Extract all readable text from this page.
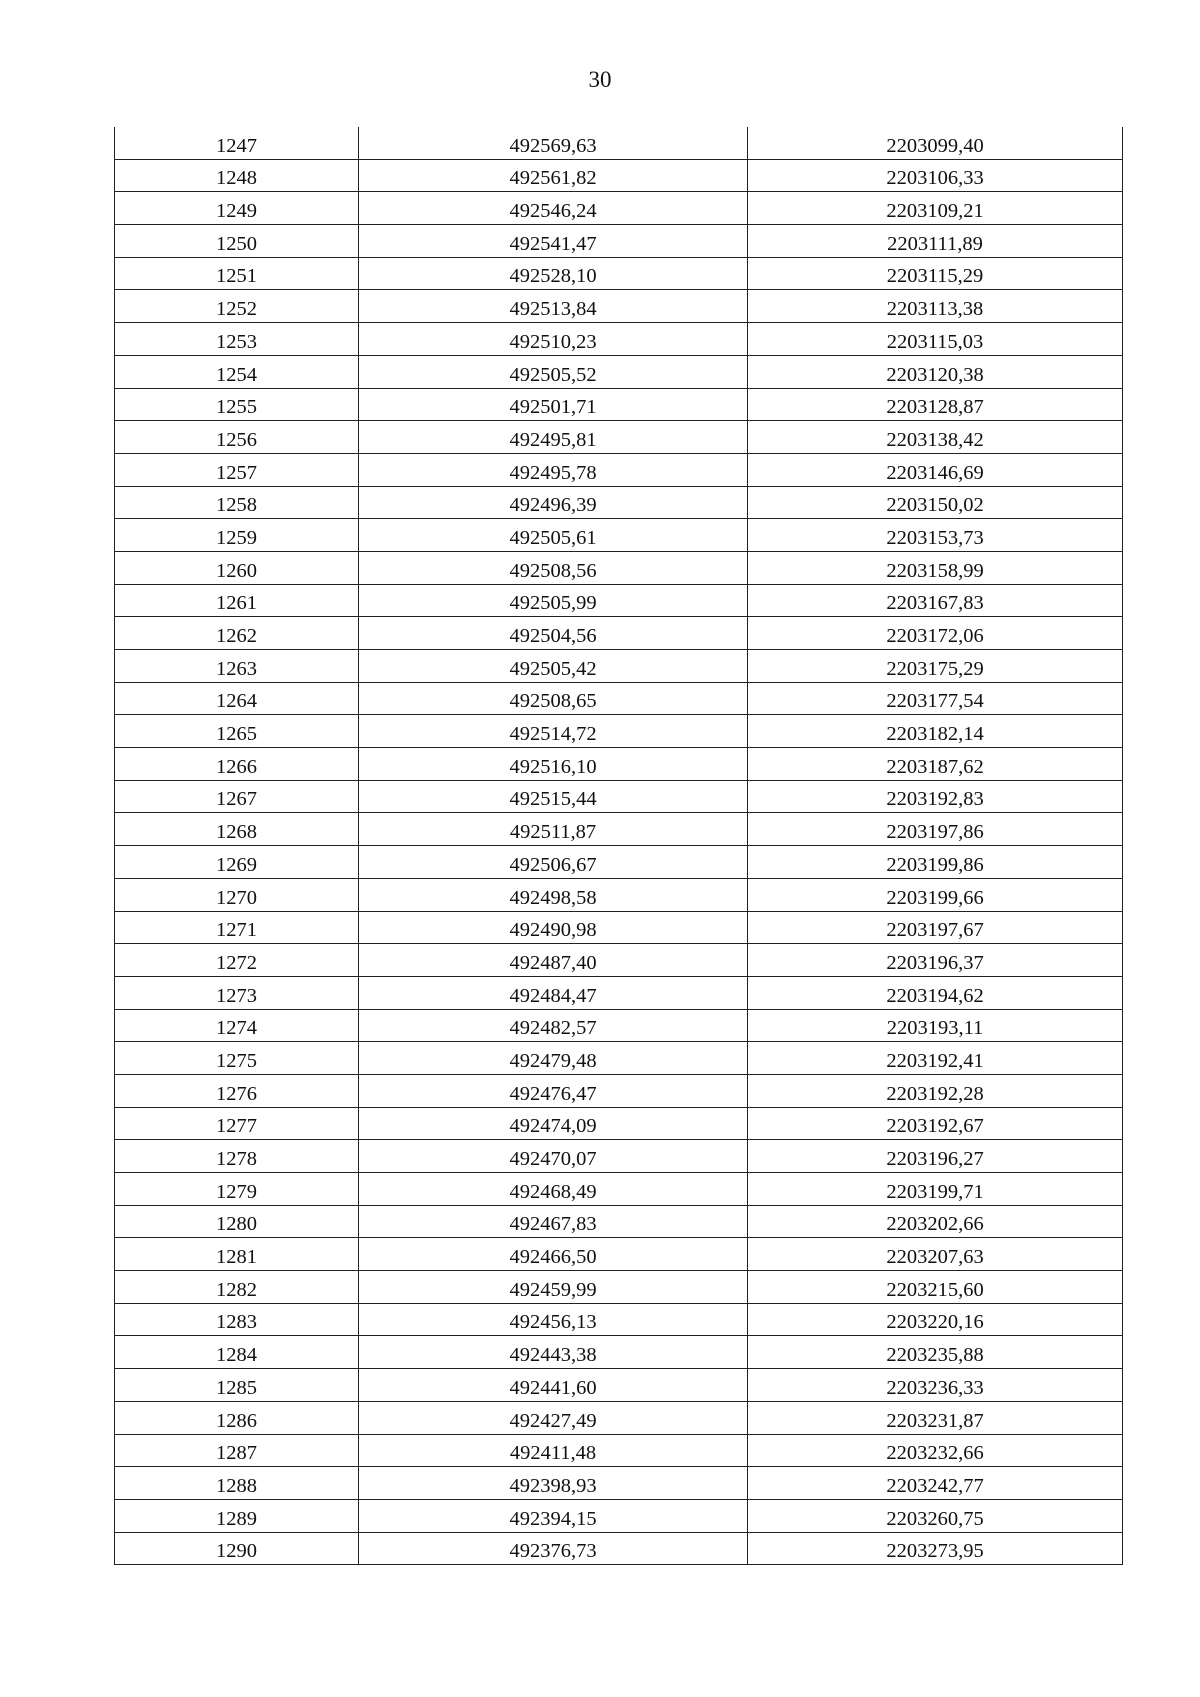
30
1247	492569,63	2203099,40
1248	492561,82	2203106,33
1249	492546,24	2203109,21
1250	492541,47	2203111,89
1251	492528,10	2203115,29
1252	492513,84	2203113,38
1253	492510,23	2203115,03
1254	492505,52	2203120,38
1255	492501,71	2203128,87
1256	492495,81	2203138,42
1257	492495,78	2203146,69
1258	492496,39	2203150,02
1259	492505,61	2203153,73
1260	492508,56	2203158,99
1261	492505,99	2203167,83
1262	492504,56	2203172,06
1263	492505,42	2203175,29
1264	492508,65	2203177,54
1265	492514,72	2203182,14
1266	492516,10	2203187,62
1267	492515,44	2203192,83
1268	492511,87	2203197,86
1269	492506,67	2203199,86
1270	492498,58	2203199,66
1271	492490,98	2203197,67
1272	492487,40	2203196,37
1273	492484,47	2203194,62
1274	492482,57	2203193,11
1275	492479,48	2203192,41
1276	492476,47	2203192,28
1277	492474,09	2203192,67
1278	492470,07	2203196,27
1279	492468,49	2203199,71
1280	492467,83	2203202,66
1281	492466,50	2203207,63
1282	492459,99	2203215,60
1283	492456,13	2203220,16
1284	492443,38	2203235,88
1285	492441,60	2203236,33
1286	492427,49	2203231,87
1287	492411,48	2203232,66
1288	492398,93	2203242,77
1289	492394,15	2203260,75
1290	492376,73	2203273,95
